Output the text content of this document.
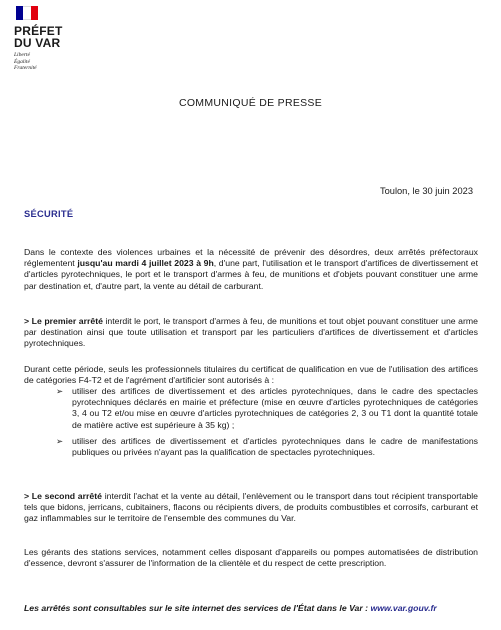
PRÉFET
DU VAR
Liberté
Égalité
Fraternité
COMMUNIQUÉ DE PRESSE
Toulon, le 30 juin 2023
SÉCURITÉ

Dans le contexte des violences urbaines et la nécessité de prévenir des désordres, deux arrêtés préfectoraux réglementent jusqu'au mardi 4 juillet 2023 à 9h, d'une part, l'utilisation et le transport d'artifices de divertissement et d'articles pyrotechniques, le port et le transport d'armes à feu, de munitions et d'objets pouvant constituer une arme par destination et, d'autre part, la vente au détail de carburant.

> Le premier arrêté interdit le port, le transport d'armes à feu, de munitions et tout objet pouvant constituer une arme par destination ainsi que toute utilisation et transport par les particuliers d'artifices de divertissement et d'articles pyrotechniques.

Durant cette période, seuls les professionnels titulaires du certificat de qualification en vue de l'utilisation des artifices de catégories F4-T2 et de l'agrément d'artificier sont autorisés à :

➢ utiliser des artifices de divertissement et des articles pyrotechniques, dans le cadre des spectacles pyrotechniques déclarés en mairie et préfecture (mise en œuvre d'articles pyrotechniques de catégories 3, 4 ou T2 et/ou mise en œuvre d'articles pyrotechniques de catégories 2, 3 ou T1 dont la quantité totale de matière active est supérieure à 35 kg) ;

➢ utiliser des artifices de divertissement et d'articles pyrotechniques dans le cadre de manifestations publiques ou privées n'ayant pas la qualification de spectacles pyrotechniques.

> Le second arrêté interdit l'achat et la vente au détail, l'enlèvement ou le transport dans tout récipient transportable tels que bidons, jerricans, cubitainers, flacons ou récipients divers, de produits combustibles et corrosifs, carburant et gaz inflammables sur le territoire de l'ensemble des communes du Var.

Les gérants des stations services, notamment celles disposant d'appareils ou pompes automatisées de distribution d'essence, devront s'assurer de l'information de la clientèle et du respect de cette prescription.

Les arrêtés sont consultables sur le site internet des services de l'État dans le Var : www.var.gouv.fr
